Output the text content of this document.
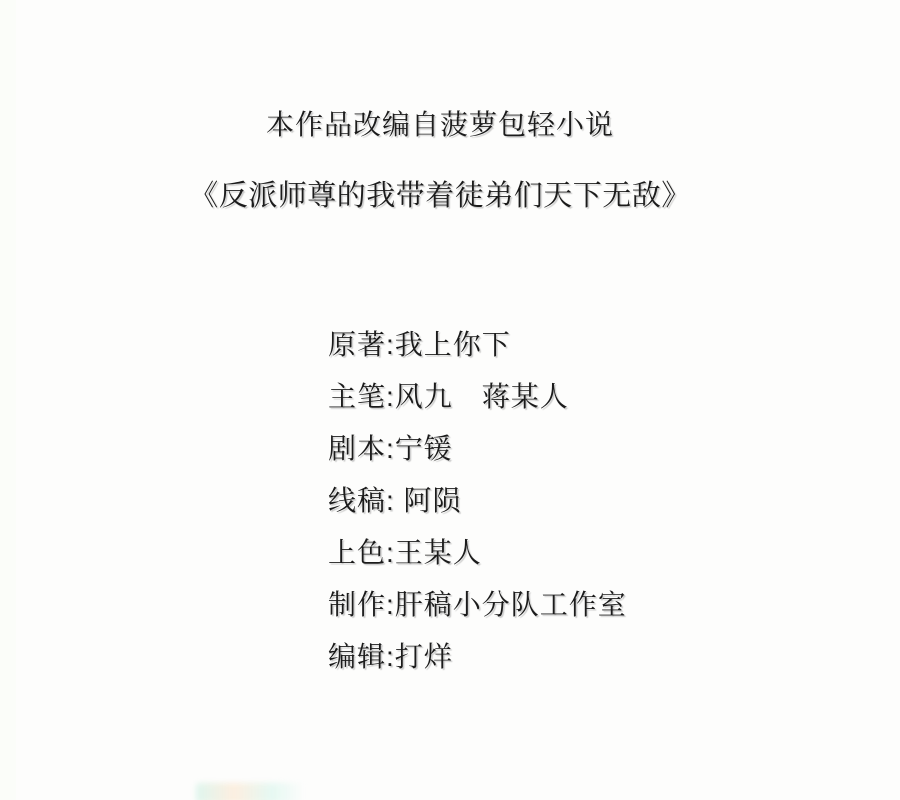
本作品改编自菠萝包轻小说
《反派师尊的我带着徒弟们天下无敌》
原著:我上你下
主笔:风九　蒋某人
剧本:宁锾
线稿: 阿陨
上色:王某人
制作:肝稿小分队工作室
编辑:打烊
